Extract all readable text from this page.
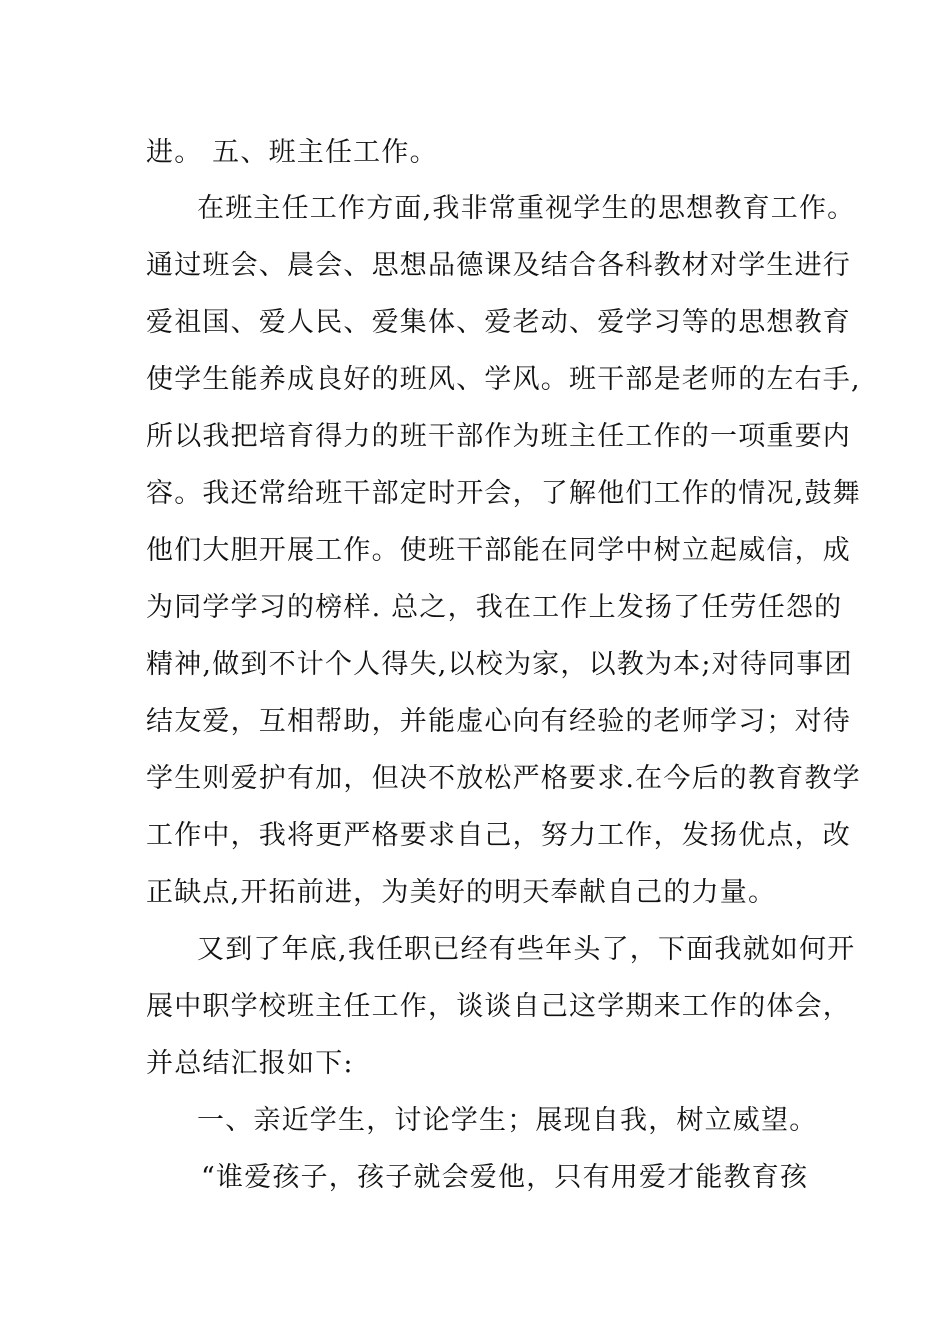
进。 五、班主任工作。
在班主任工作方面,我非常重视学生的思想教育工作。
通过班会、晨会、思想品德课及结合各科教材对学生进行
爱祖国、爱人民、爱集体、爱老动、爱学习等的思想教育
使学生能养成良好的班风、学风。班干部是老师的左右手,
所以我把培育得力的班干部作为班主任工作的一项重要内
容。我还常给班干部定时开会，了解他们工作的情况,鼓舞
他们大胆开展工作。使班干部能在同学中树立起威信，成
为同学学习的榜样. 总之，我在工作上发扬了任劳任怨的
精神,做到不计个人得失,以校为家，以教为本;对待同事团
结友爱，互相帮助，并能虚心向有经验的老师学习；对待
学生则爱护有加，但决不放松严格要求.在今后的教育教学
工作中，我将更严格要求自己，努力工作，发扬优点，改
正缺点,开拓前进，为美好的明天奉献自己的力量。
又到了年底,我任职已经有些年头了，下面我就如何开
展中职学校班主任工作，谈谈自己这学期来工作的体会，
并总结汇报如下:
一、亲近学生，讨论学生；展现自我，树立威望。
“谁爱孩子，孩子就会爱他，只有用爱才能教育孩
